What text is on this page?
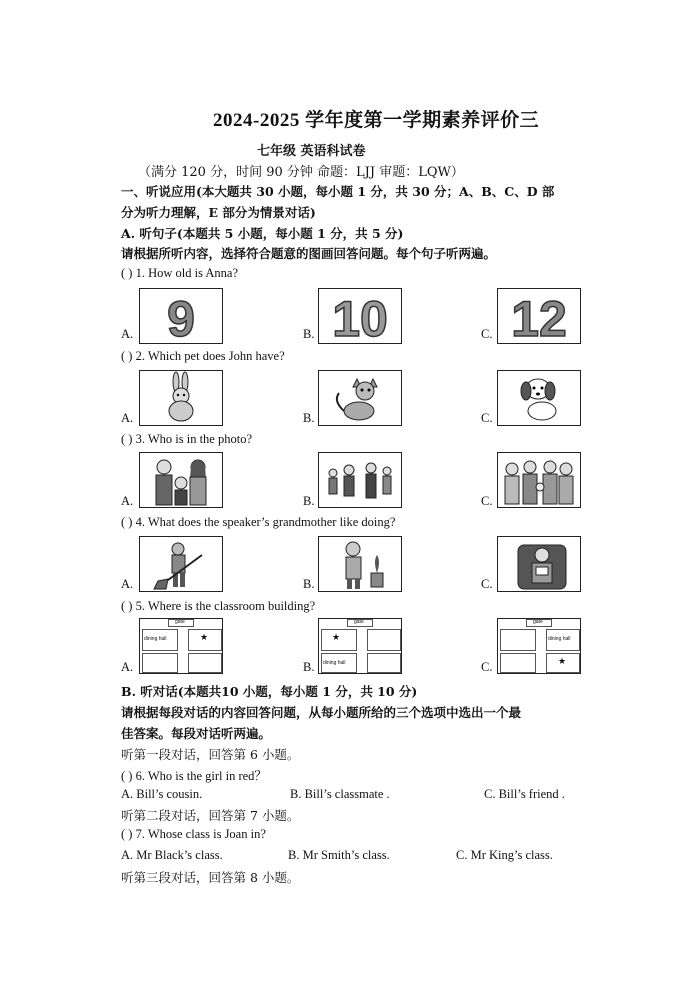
2024-2025 学年度第一学期素养评价三
七年级 英语科试卷
（满分 120 分，时间 90 分钟 命题：LJJ 审题：LQW）
一、听说应用(本大题共 30 小题，每小题 1 分，共 30 分；A、B、C、D 部
分为听力理解，E 部分为情景对话)
A. 听句子(本题共 5 小题，每小题 1 分，共 5 分)
请根据所听内容，选择符合题意的图画回答问题。每个句子听两遍。
( ) 1. How old is Anna?
A. 9	B. 10	C. 12
( ) 2. Which pet does John have?
A.	B.	C.
( ) 3. Who is in the photo?
A.	B.	C.
( ) 4. What does the speaker’s grandmother like doing?
A.	B.	C.
( ) 5. Where is the classroom building?
A.
gate
dining hall	★
B.
gate
★
dining hall	C.
gate
dining hall
★
B. 听对话(本题共10 小题，每小题 1 分，共 10 分)
请根据每段对话的内容回答问题，从每小题所给的三个选项中选出一个最
佳答案。每段对话听两遍。
听第一段对话，回答第 6 小题。
( ) 6. Who is the girl in red？
A. Bill’s cousin.	B. Bill’s classmate .	C. Bill’s friend .
听第二段对话，回答第 7 小题。
( ) 7. Whose class is Joan in?
A. Mr Black’s class.	B. Mr Smith’s class.	C. Mr King’s class.
听第三段对话，回答第 8 小题。
